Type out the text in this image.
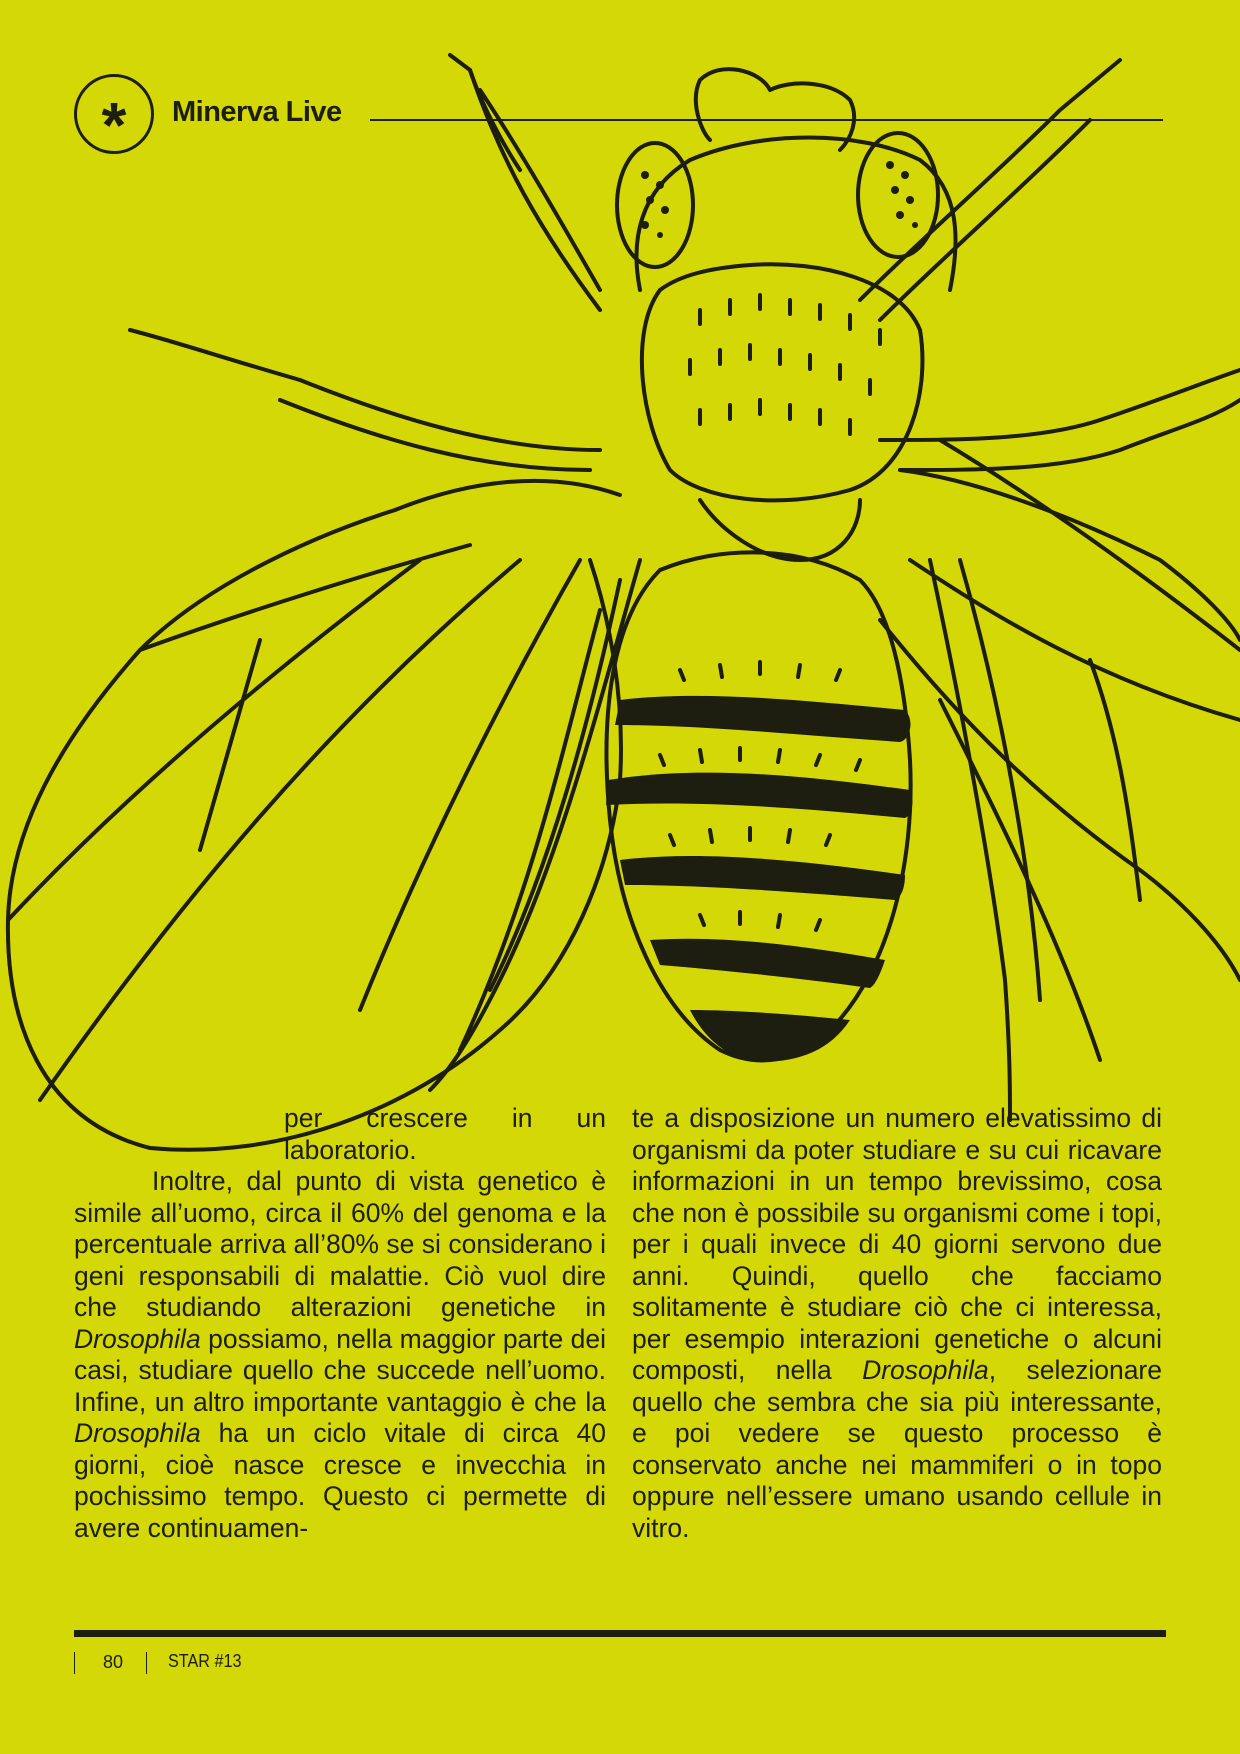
* Minerva Live

per crescere in un laboratorio.

Inoltre, dal punto di vista genetico è simile all’uomo, circa il 60% del genoma e la percentuale arriva all’80% se si considerano i geni responsabili di malattie. Ciò vuol dire che studiando alterazioni genetiche in Drosophila possiamo, nella maggior parte dei casi, studiare quello che succede nell’uomo. Infine, un altro importante vantaggio è che la Drosophila ha un ciclo vitale di circa 40 giorni, cioè nasce cresce e invecchia in pochissimo tempo. Questo ci permette di avere continuamen-

te a disposizione un numero elevatissimo di organismi da poter studiare e su cui ricavare informazioni in un tempo brevissimo, cosa che non è possibile su organismi come i topi, per i quali invece di 40 giorni servono due anni. Quindi, quello che facciamo solitamente è studiare ciò che ci interessa, per esempio interazioni genetiche o alcuni composti, nella Drosophila, selezionare quello che sembra che sia più interessante, e poi vedere se questo processo è conservato anche nei mammiferi o in topo oppure nell’essere umano usando cellule in vitro.

80 STAR #13
